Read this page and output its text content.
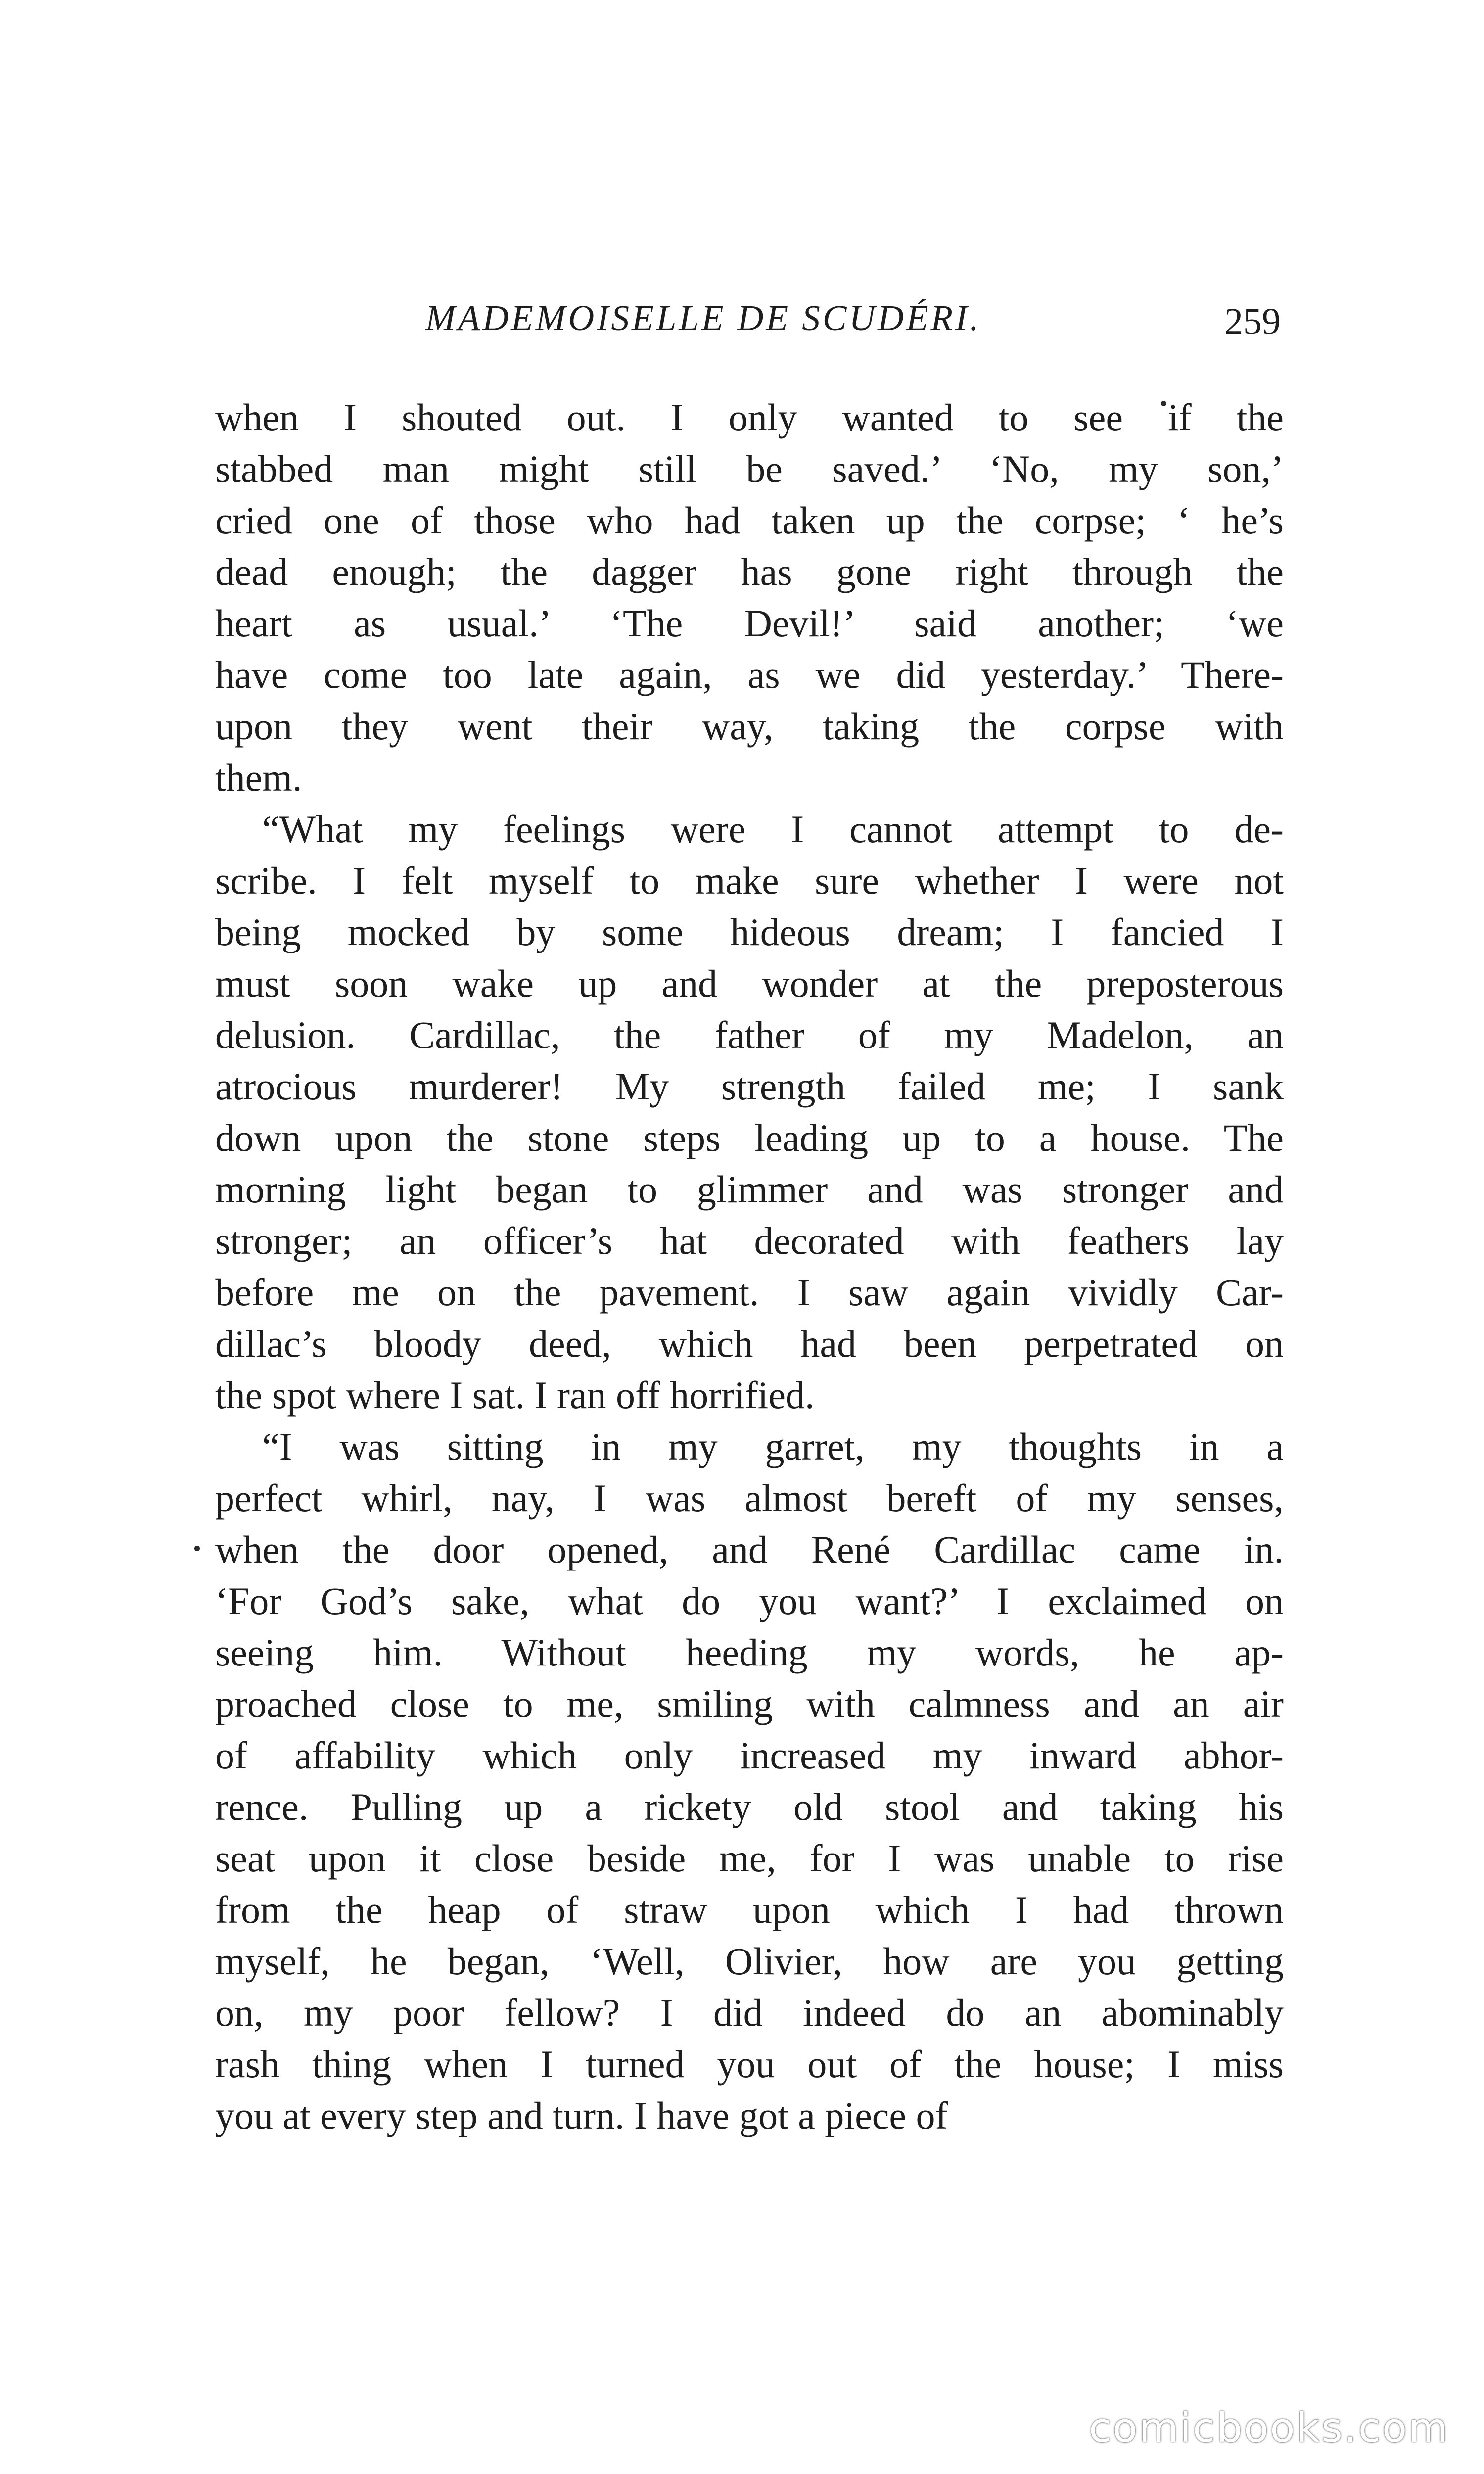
MADEMOISELLE DE SCUDÉRI.	259
when I shouted out. I only wanted to see if the
stabbed man might still be saved.’ ‘No, my son,’
cried one of those who had taken up the corpse; ‘ he’s
dead enough; the dagger has gone right through the
heart as usual.’ ‘The Devil!’ said another; ‘we
have come too late again, as we did yesterday.’ There-
upon they went their way, taking the corpse with
them.
“What my feelings were I cannot attempt to de-
scribe. I felt myself to make sure whether I were not
being mocked by some hideous dream; I fancied I
must soon wake up and wonder at the preposterous
delusion. Cardillac, the father of my Madelon, an
atrocious murderer! My strength failed me; I sank
down upon the stone steps leading up to a house. The
morning light began to glimmer and was stronger and
stronger; an officer’s hat decorated with feathers lay
before me on the pavement. I saw again vividly Car-
dillac’s bloody deed, which had been perpetrated on
the spot where I sat. I ran off horrified.
“I was sitting in my garret, my thoughts in a
perfect whirl, nay, I was almost bereft of my senses,
when the door opened, and René Cardillac came in.
‘For God’s sake, what do you want?’ I exclaimed on
seeing him. Without heeding my words, he ap-
proached close to me, smiling with calmness and an air
of affability which only increased my inward abhor-
rence. Pulling up a rickety old stool and taking his
seat upon it close beside me, for I was unable to rise
from the heap of straw upon which I had thrown
myself, he began, ‘Well, Olivier, how are you getting
on, my poor fellow? I did indeed do an abominably
rash thing when I turned you out of the house; I miss
you at every step and turn. I have got a piece of
comicbooks.com
